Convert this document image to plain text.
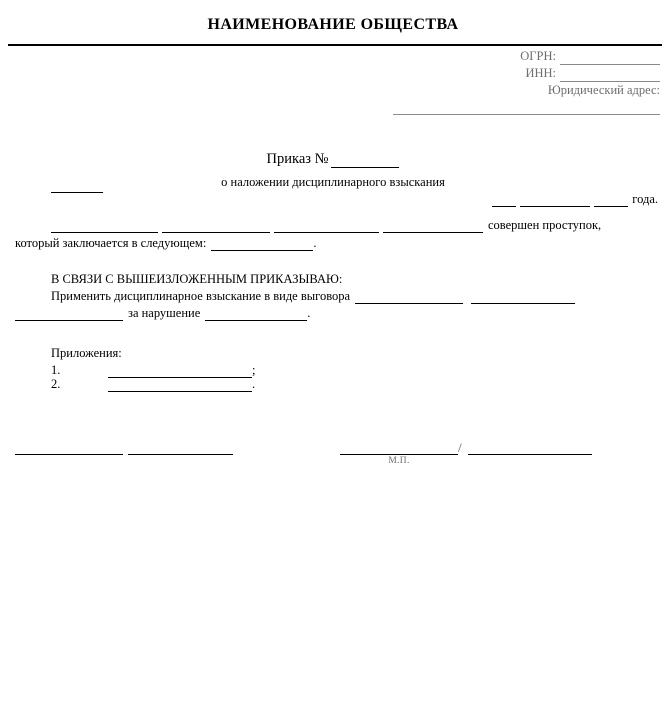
НАИМЕНОВАНИЕ ОБЩЕСТВА
ОГРН:
ИНН:
Юридический адрес:
Приказ №
о наложении дисциплинарного взыскания
года.
совершен проступок,
который заключается в следующем:	.
В СВЯЗИ С ВЫШЕИЗЛОЖЕННЫМ ПРИКАЗЫВАЮ:
Применить дисциплинарное взыскание в виде выговора
за нарушение	.
Приложения:
1.	;
2.	.
/
М.П.
